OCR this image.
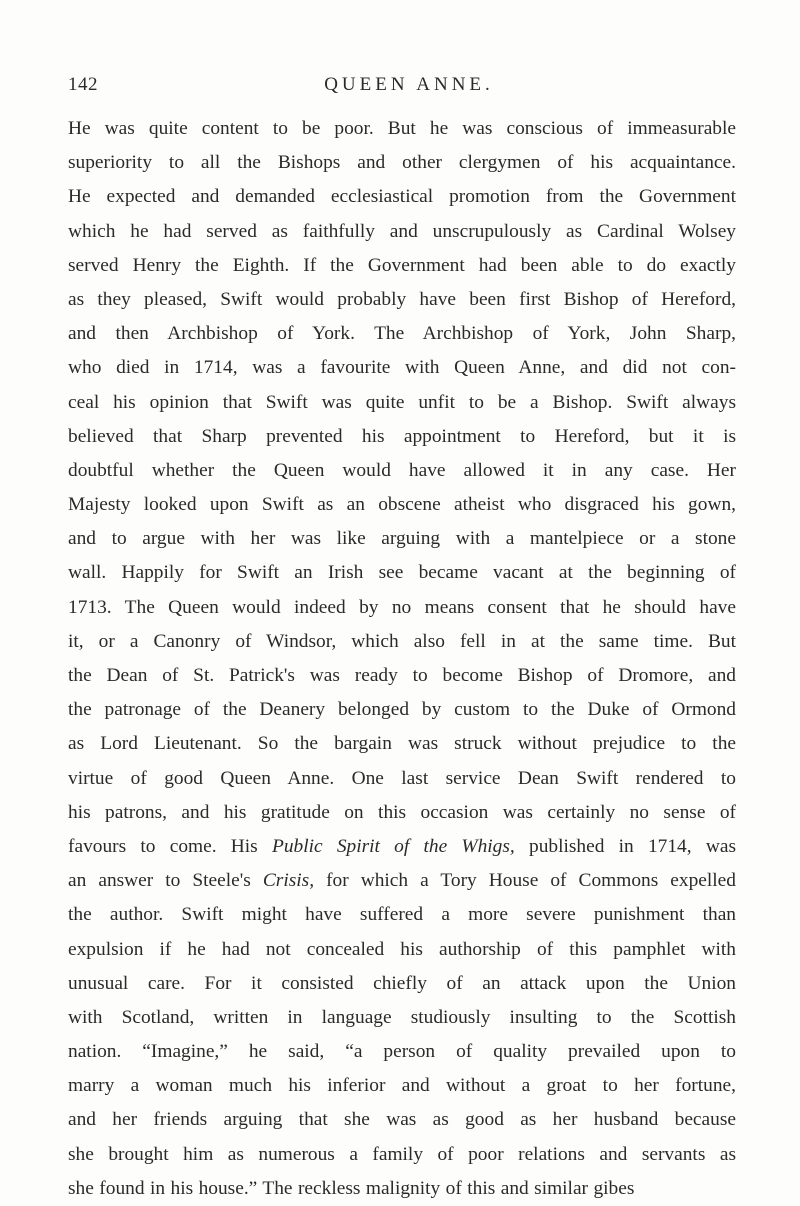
142	QUEEN ANNE.
He was quite content to be poor. But he was conscious of immeasurable
superiority to all the Bishops and other clergymen of his acquaintance.
He expected and demanded ecclesiastical promotion from the Government
which he had served as faithfully and unscrupulously as Cardinal Wolsey
served Henry the Eighth. If the Government had been able to do exactly
as they pleased, Swift would probably have been first Bishop of Hereford,
and then Archbishop of York. The Archbishop of York, John Sharp,
who died in 1714, was a favourite with Queen Anne, and did not con-
ceal his opinion that Swift was quite unfit to be a Bishop. Swift always
believed that Sharp prevented his appointment to Hereford, but it is
doubtful whether the Queen would have allowed it in any case. Her
Majesty looked upon Swift as an obscene atheist who disgraced his gown,
and to argue with her was like arguing with a mantelpiece or a stone
wall. Happily for Swift an Irish see became vacant at the beginning of
1713. The Queen would indeed by no means consent that he should have
it, or a Canonry of Windsor, which also fell in at the same time. But
the Dean of St. Patrick's was ready to become Bishop of Dromore, and
the patronage of the Deanery belonged by custom to the Duke of Ormond
as Lord Lieutenant. So the bargain was struck without prejudice to the
virtue of good Queen Anne. One last service Dean Swift rendered to
his patrons, and his gratitude on this occasion was certainly no sense of
favours to come. His Public Spirit of the Whigs, published in 1714, was
an answer to Steele's Crisis, for which a Tory House of Commons expelled
the author. Swift might have suffered a more severe punishment than
expulsion if he had not concealed his authorship of this pamphlet with
unusual care. For it consisted chiefly of an attack upon the Union
with Scotland, written in language studiously insulting to the Scottish
nation. “Imagine,” he said, “a person of quality prevailed upon to
marry a woman much his inferior and without a groat to her fortune,
and her friends arguing that she was as good as her husband because
she brought him as numerous a family of poor relations and servants as
she found in his house.” The reckless malignity of this and similar gibes
